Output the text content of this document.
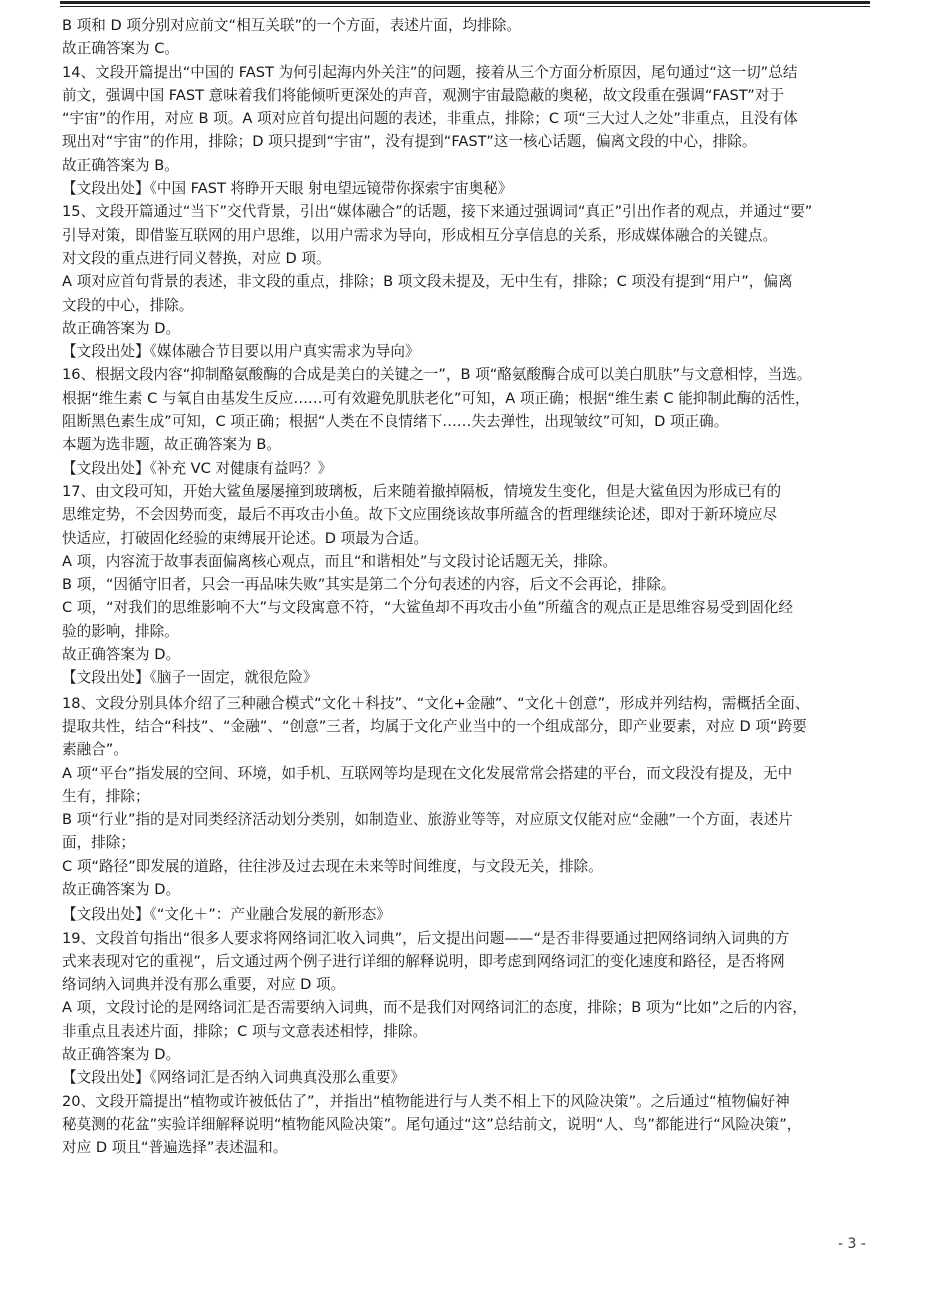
B 项和 D 项分别对应前文“相互关联”的一个方面，表述片面，均排除。
故正确答案为 C。
14、文段开篇提出“中国的 FAST 为何引起海内外关注”的问题，接着从三个方面分析原因，尾句通过“这一切”总结
前文，强调中国 FAST 意味着我们将能倾听更深处的声音，观测宇宙最隐蔽的奥秘，故文段重在强调“FAST”对于
“宇宙”的作用，对应 B 项。A 项对应首句提出问题的表述，非重点，排除；C 项“三大过人之处”非重点，且没有体
现出对“宇宙”的作用，排除；D 项只提到“宇宙”，没有提到“FAST”这一核心话题，偏离文段的中心，排除。
故正确答案为 B。
【文段出处】《中国 FAST 将睁开天眼 射电望远镜带你探索宇宙奥秘》
15、文段开篇通过“当下”交代背景，引出“媒体融合”的话题，接下来通过强调词“真正”引出作者的观点，并通过“要”
引导对策，即借鉴互联网的用户思维，以用户需求为导向，形成相互分享信息的关系，形成媒体融合的关键点。
对文段的重点进行同义替换，对应 D 项。
A 项对应首句背景的表述，非文段的重点，排除；B 项文段未提及，无中生有，排除；C 项没有提到“用户”，偏离
文段的中心，排除。
故正确答案为 D。
【文段出处】《媒体融合节目要以用户真实需求为导向》
16、根据文段内容“抑制酪氨酸酶的合成是美白的关键之一”，B 项“酪氨酸酶合成可以美白肌肤”与文意相悖，当选。
根据“维生素 C 与氧自由基发生反应……可有效避免肌肤老化”可知，A 项正确；根据“维生素 C 能抑制此酶的活性，
阻断黑色素生成”可知，C 项正确；根据“人类在不良情绪下……失去弹性，出现皱纹”可知，D 项正确。
本题为选非题，故正确答案为 B。
【文段出处】《补充 VC 对健康有益吗？》
17、由文段可知，开始大鲨鱼屡屡撞到玻璃板，后来随着撤掉隔板，情境发生变化，但是大鲨鱼因为形成已有的
思维定势，不会因势而变，最后不再攻击小鱼。故下文应围绕该故事所蕴含的哲理继续论述，即对于新环境应尽
快适应，打破固化经验的束缚展开论述。D 项最为合适。
A 项，内容流于故事表面偏离核心观点，而且“和谐相处”与文段讨论话题无关，排除。
B 项，“因循守旧者，只会一再品味失败”其实是第二个分句表述的内容，后文不会再论，排除。
C 项，“对我们的思维影响不大”与文段寓意不符，“大鲨鱼却不再攻击小鱼”所蕴含的观点正是思维容易受到固化经
验的影响，排除。
故正确答案为 D。
【文段出处】《脑子一固定，就很危险》
18、文段分别具体介绍了三种融合模式“文化＋科技”、“文化+金融”、“文化＋创意”，形成并列结构，需概括全面、
提取共性，结合“科技”、“金融”、“创意”三者，均属于文化产业当中的一个组成部分，即产业要素，对应 D 项“跨要
素融合”。
A 项“平台”指发展的空间、环境，如手机、互联网等均是现在文化发展常常会搭建的平台，而文段没有提及，无中
生有，排除；
B 项“行业”指的是对同类经济活动划分类别，如制造业、旅游业等等，对应原文仅能对应“金融”一个方面，表述片
面，排除；
C 项“路径”即发展的道路，往往涉及过去现在未来等时间维度，与文段无关，排除。
故正确答案为 D。
【文段出处】《“文化＋”：产业融合发展的新形态》
19、文段首句指出“很多人要求将网络词汇收入词典”，后文提出问题——“是否非得要通过把网络词纳入词典的方
式来表现对它的重视”，后文通过两个例子进行详细的解释说明，即考虑到网络词汇的变化速度和路径，是否将网
络词纳入词典并没有那么重要，对应 D 项。
A 项，文段讨论的是网络词汇是否需要纳入词典，而不是我们对网络词汇的态度，排除；B 项为“比如”之后的内容，
非重点且表述片面，排除；C 项与文意表述相悖，排除。
故正确答案为 D。
【文段出处】《网络词汇是否纳入词典真没那么重要》
20、文段开篇提出“植物或许被低估了”，并指出“植物能进行与人类不相上下的风险决策”。之后通过“植物偏好神
秘莫测的花盆”实验详细解释说明“植物能风险决策”。尾句通过“这”总结前文，说明“人、鸟”都能进行“风险决策”，
对应 D 项且“普遍选择”表述温和。
- 3 -
